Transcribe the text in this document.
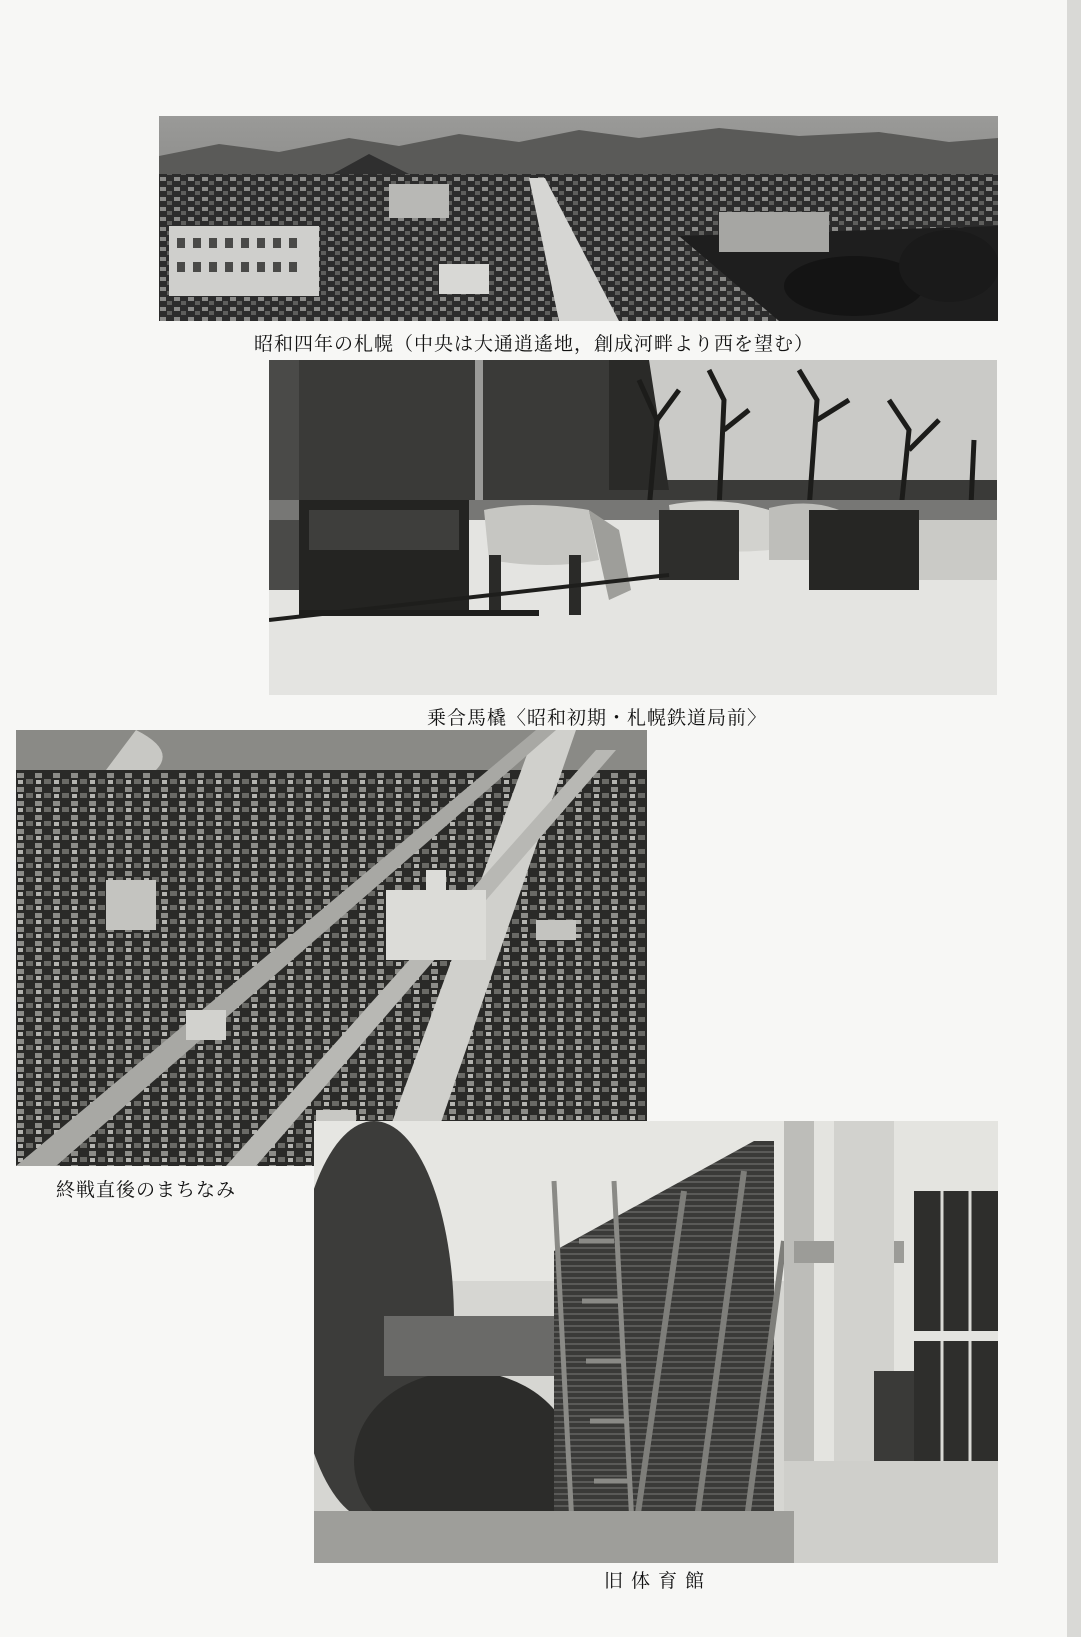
昭和四年の札幌（中央は大通逍遙地，創成河畔より西を望む）
乗合馬橇〈昭和初期・札幌鉄道局前〉
終戦直後のまちなみ
旧体育館
